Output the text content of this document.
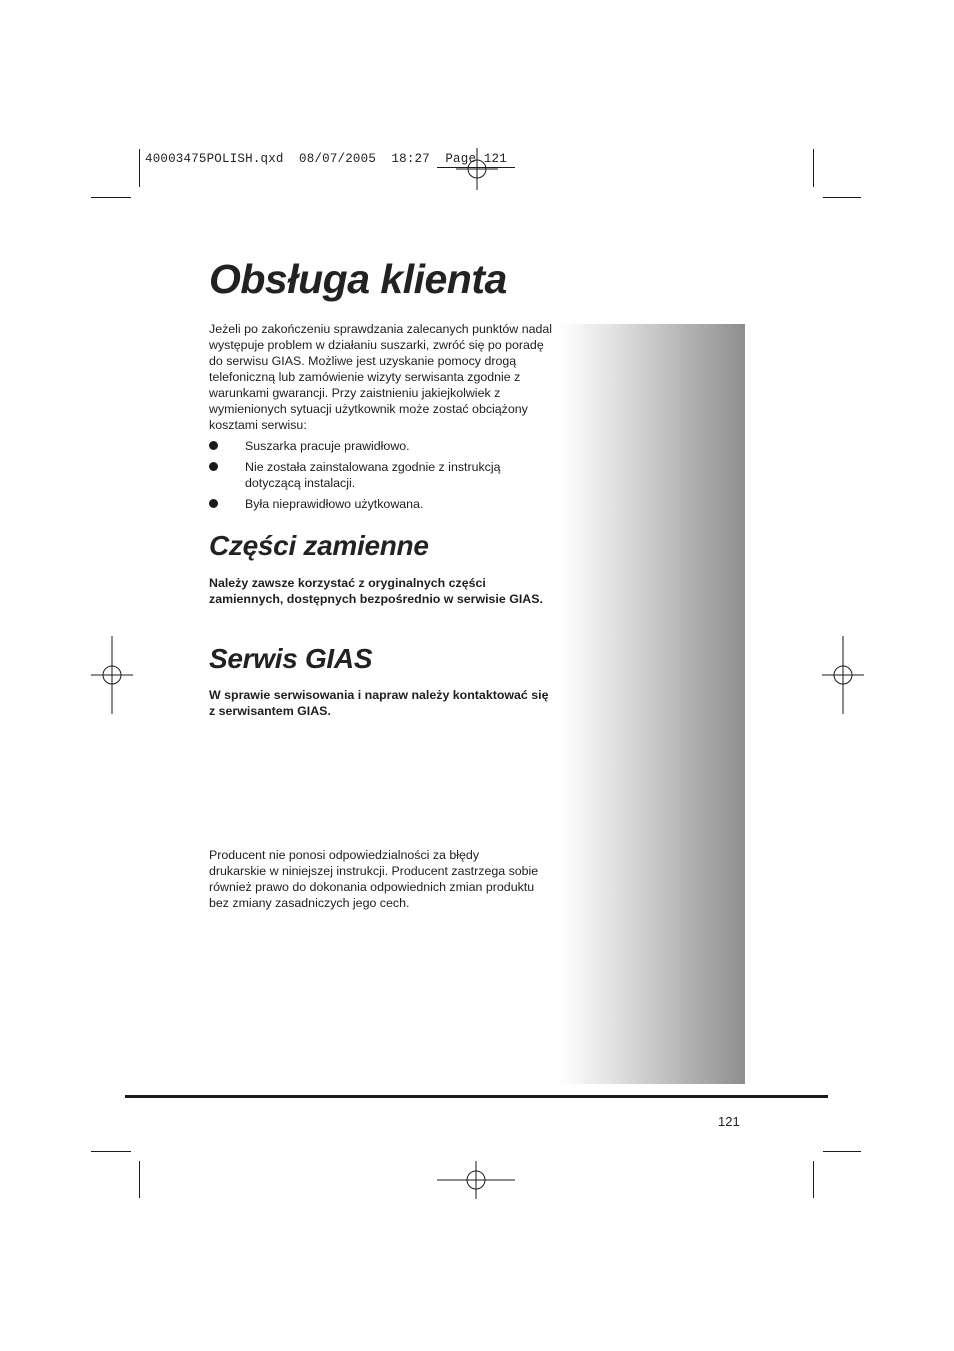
40003475POLISH.qxd  08/07/2005  18:27  Page 121
Obsługa klienta

Jeżeli po zakończeniu sprawdzania zalecanych punktów nadal występuje problem w działaniu suszarki, zwróć się po poradę do serwisu GIAS. Możliwe jest uzyskanie pomocy drogą telefoniczną lub zamówienie wizyty serwisanta zgodnie z warunkami gwarancji. Przy zaistnieniu jakiejkolwiek z wymienionych sytuacji użytkownik może zostać obciążony kosztami serwisu:

Suszarka pracuje prawidłowo.
Nie została zainstalowana zgodnie z instrukcją dotyczącą instalacji.
Była nieprawidłowo użytkowana.
Części zamienne

Należy zawsze korzystać z oryginalnych części zamiennych, dostępnych bezpośrednio w serwisie GIAS.

Serwis GIAS

W sprawie serwisowania i napraw należy kontaktować się z serwisantem GIAS.

Producent nie ponosi odpowiedzialności za błędy drukarskie w niniejszej instrukcji. Producent zastrzega sobie również prawo do dokonania odpowiednich zmian produktu bez zmiany zasadniczych jego cech.

121
